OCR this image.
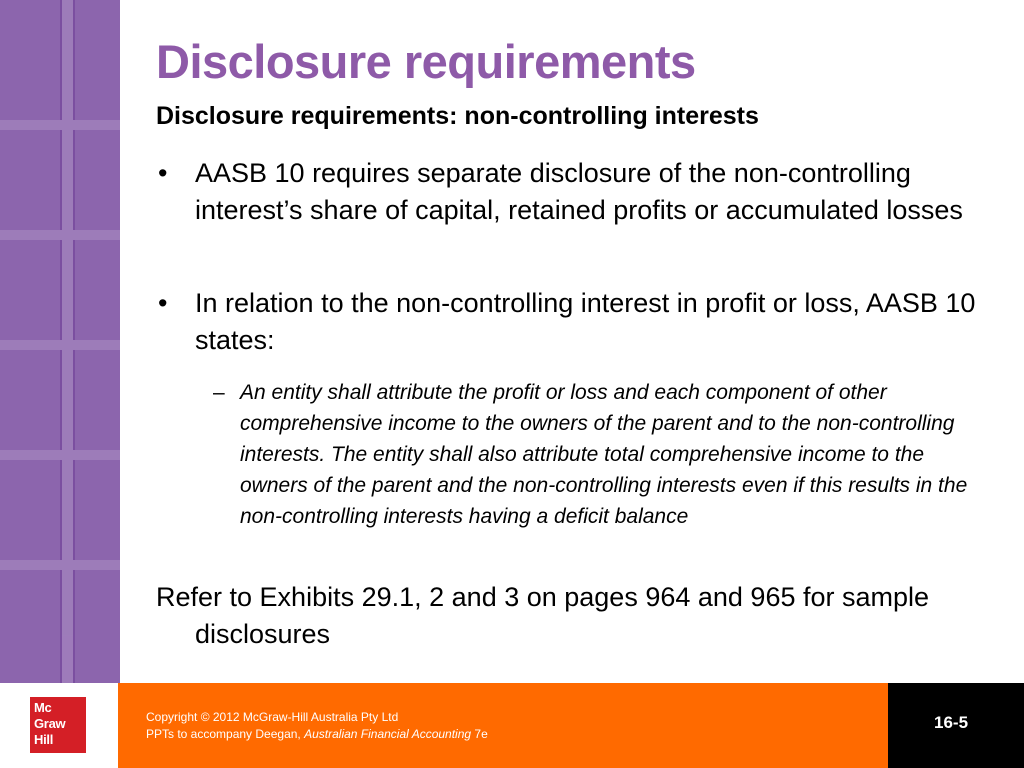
Disclosure requirements
Disclosure requirements: non-controlling interests
• AASB 10 requires separate disclosure of the non-controlling interest’s share of capital, retained profits or accumulated losses
• In relation to the non-controlling interest in profit or loss, AASB 10 states:
– An entity shall attribute the profit or loss and each component of other comprehensive income to the owners of the parent and to the non-controlling interests. The entity shall also attribute total comprehensive income to the owners of the parent and the non-controlling interests even if this results in the non-controlling interests having a deficit balance

Refer to Exhibits 29.1, 2 and 3 on pages 964 and 965 for sample disclosures

Mc
Graw
Hill

Copyright © 2012 McGraw-Hill Australia Pty Ltd

PPTs to accompany Deegan, Australian Financial Accounting 7e

16-5
